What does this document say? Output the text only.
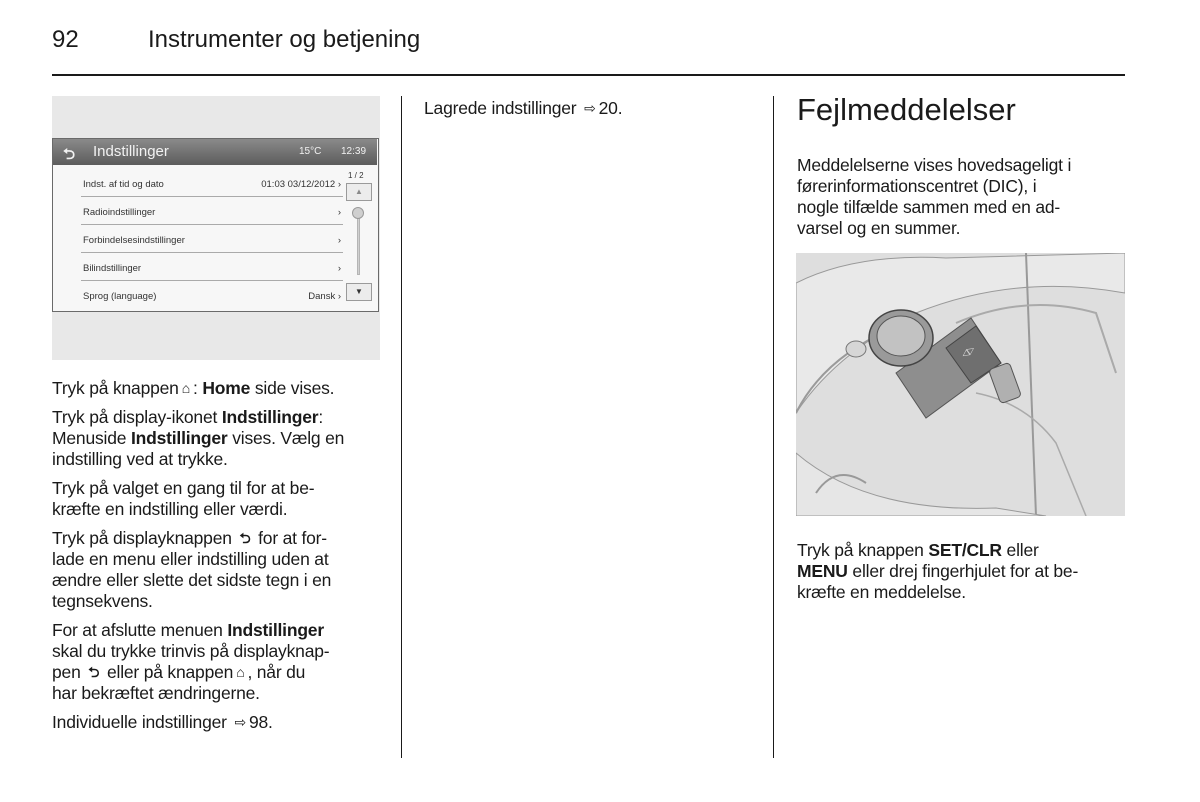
92	Instrumenter og betjening
⮌ Indstillinger	15°C 12:39
Indst. af tid og dato	01:03 03/12/2012 ›
Radioindstillinger	›
Forbindelsesindstillinger	›
Bilindstillinger	›
Sprog (language)	Dansk ›
1 / 2
▲
▼

Tryk på knappen ⌂ : Home side vises.

Tryk på display-ikonet Indstillinger:
Menuside Indstillinger vises. Vælg en
indstilling ved at trykke.

Tryk på valget en gang til for at be-
kræfte en indstilling eller værdi.

Tryk på displayknappen ⮌ for at for-
lade en menu eller indstilling uden at
ændre eller slette det sidste tegn i en
tegnsekvens.

For at afslutte menuen Indstillinger
skal du trykke trinvis på displayknap-
pen ⮌ eller på knappen ⌂ , når du
har bekræftet ændringerne.

Individuelle indstillinger ⇨ 98.

Lagrede indstillinger ⇨ 20.	Fejlmeddelelser

Meddelelserne vises hovedsageligt i
førerinformationscentret (DIC), i
nogle tilfælde sammen med en ad-
varsel og en summer.

◁▷

Tryk på knappen SET/CLR eller
MENU eller drej fingerhjulet for at be-
kræfte en meddelelse.
